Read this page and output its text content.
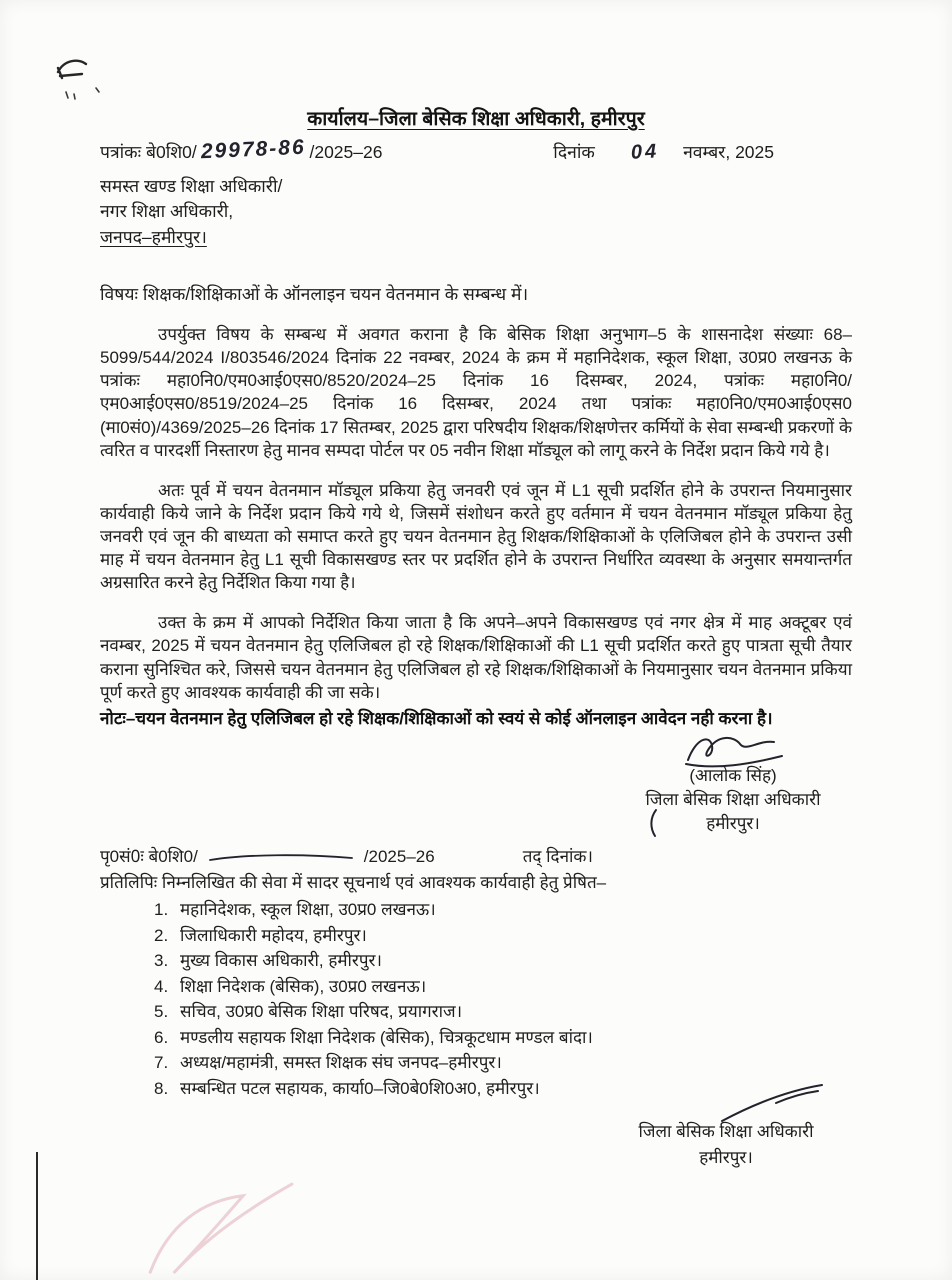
कार्यालय–जिला बेसिक शिक्षा अधिकारी, हमीरपुर
पत्रांकः बे0शि0/ 29978-86 /2025–26	दिनांक 04 नवम्बर, 2025
समस्त खण्ड शिक्षा अधिकारी/
नगर शिक्षा अधिकारी,
जनपद–हमीरपुर।
विषयः शिक्षक/शिक्षिकाओं के ऑनलाइन चयन वेतनमान के सम्बन्ध में।

उपर्युक्त विषय के सम्बन्ध में अवगत कराना है कि बेसिक शिक्षा अनुभाग–5 के शासनादेश संख्याः 68–5099/544/2024 I/803546/2024 दिनांक 22 नवम्बर, 2024 के क्रम में महानिदेशक, स्कूल शिक्षा, उ0प्र0 लखनऊ के पत्रांकः महा0नि0/एम0आई0एस0/8520/2024–25 दिनांक 16 दिसम्बर, 2024, पत्रांकः महा0नि0/एम0आई0एस0/8519/2024–25 दिनांक 16 दिसम्बर, 2024 तथा पत्रांकः महा0नि0/एम0आई0एस0 (मा0सं0)/4369/2025–26 दिनांक 17 सितम्बर, 2025 द्वारा परिषदीय शिक्षक/शिक्षणेत्तर कर्मियों के सेवा सम्बन्धी प्रकरणों के त्वरित व पारदर्शी निस्तारण हेतु मानव सम्पदा पोर्टल पर 05 नवीन शिक्षा मॉड्यूल को लागू करने के निर्देश प्रदान किये गये है।

अतः पूर्व में चयन वेतनमान मॉड्यूल प्रकिया हेतु जनवरी एवं जून में L1 सूची प्रदर्शित होने के उपरान्त नियमानुसार कार्यवाही किये जाने के निर्देश प्रदान किये गये थे, जिसमें संशोधन करते हुए वर्तमान में चयन वेतनमान मॉड्यूल प्रकिया हेतु जनवरी एवं जून की बाध्यता को समाप्त करते हुए चयन वेतनमान हेतु शिक्षक/शिक्षिकाओं के एलिजिबल होने के उपरान्त उसी माह में चयन वेतनमान हेतु L1 सूची विकासखण्ड स्तर पर प्रदर्शित होने के उपरान्त निर्धारित व्यवस्था के अनुसार समयान्तर्गत अग्रसारित करने हेतु निर्देशित किया गया है।

उक्त के क्रम में आपको निर्देशित किया जाता है कि अपने–अपने विकासखण्ड एवं नगर क्षेत्र में माह अक्टूबर एवं नवम्बर, 2025 में चयन वेतनमान हेतु एलिजिबल हो रहे शिक्षक/शिक्षिकाओं की L1 सूची प्रदर्शित करते हुए पात्रता सूची तैयार कराना सुनिश्चित करे, जिससे चयन वेतनमान हेतु एलिजिबल हो रहे शिक्षक/शिक्षिकाओं के नियमानुसार चयन वेतनमान प्रकिया पूर्ण करते हुए आवश्यक कार्यवाही की जा सके।

नोटः–चयन वेतनमान हेतु एलिजिबल हो रहे शिक्षक/शिक्षिकाओं को स्वयं से कोई ऑनलाइन आवेदन नही करना है।

(आलोक सिंह)
जिला बेसिक शिक्षा अधिकारी
हमीरपुर।
पृ0सं0ः बे0शि0/	/2025–26	तद् दिनांक।
प्रतिलिपिः निम्नलिखित की सेवा में सादर सूचनार्थ एवं आवश्यक कार्यवाही हेतु प्रेषित–
1. महानिदेशक, स्कूल शिक्षा, उ0प्र0 लखनऊ।
2. जिलाधिकारी महोदय, हमीरपुर।
3. मुख्य विकास अधिकारी, हमीरपुर।
4. शिक्षा निदेशक (बेसिक), उ0प्र0 लखनऊ।
5. सचिव, उ0प्र0 बेसिक शिक्षा परिषद, प्रयागराज।
6. मण्डलीय सहायक शिक्षा निदेशक (बेसिक), चित्रकूटधाम मण्डल बांदा।
7. अध्यक्ष/महामंत्री, समस्त शिक्षक संघ जनपद–हमीरपुर।
8. सम्बन्धित पटल सहायक, कार्या0–जि0बे0शि0अ0, हमीरपुर।
जिला बेसिक शिक्षा अधिकारी
हमीरपुर।
